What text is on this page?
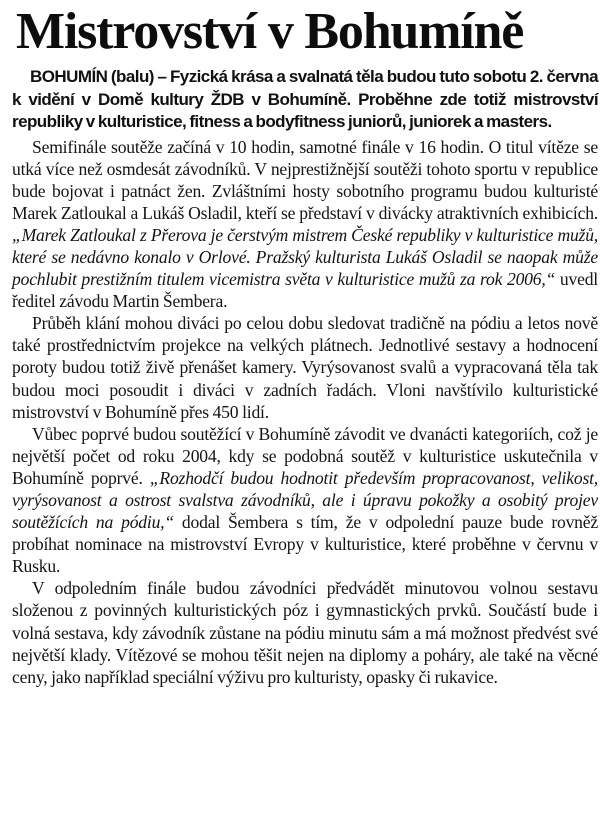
Mistrovství v Bohumíně

BOHUMÍN (balu) – Fyzická krása a svalnatá těla budou tuto sobotu 2. června k vidění v Domě kultury ŽDB v Bohumíně. Proběhne zde totiž mistrovství republiky v kulturistice, fitness a bodyfitness juniorů, juniorek a masters.

Semifinále soutěže začíná v 10 hodin, samotné finále v 16 hodin. O titul vítěze se utká více než osmdesát závodníků. V nejprestižnější soutěži tohoto sportu v republice bude bojovat i patnáct žen. Zvláštními hosty sobotního programu budou kulturisté Marek Zatloukal a Lukáš Osladil, kteří se představí v divácky atraktivních exhibicích. „Marek Zatloukal z Přerova je čerstvým mistrem České republiky v kulturistice mužů, které se nedávno konalo v Orlové. Pražský kulturista Lukáš Osladil se naopak může pochlubit prestižním titulem vicemistra světa v kulturistice mužů za rok 2006,“ uvedl ředitel závodu Martin Šembera.

Průběh klání mohou diváci po celou dobu sledovat tradičně na pódiu a letos nově také prostřednictvím projekce na velkých plátnech. Jednotlivé sestavy a hodnocení poroty budou totiž živě přenášet kamery. Vyrýsovanost svalů a vypracovaná těla tak budou moci posoudit i diváci v zadních řadách. Vloni navštívilo kulturistické mistrovství v Bohumíně přes 450 lidí.

Vůbec poprvé budou soutěžící v Bohumíně závodit ve dvanácti kategoriích, což je největší počet od roku 2004, kdy se podobná soutěž v kulturistice uskutečnila v Bohumíně poprvé. „Rozhodčí budou hodnotit především propracovanost, velikost, vyrýsovanost a ostrost svalstva závodníků, ale i úpravu pokožky a osobitý projev soutěžících na pódiu,“ dodal Šembera s tím, že v odpolední pauze bude rovněž probíhat nominace na mistrovství Evropy v kulturistice, které proběhne v červnu v Rusku.

V odpoledním finále budou závodníci předvádět minutovou volnou sestavu složenou z povinných kulturistických póz i gymnastických prvků. Součástí bude i volná sestava, kdy závodník zůstane na pódiu minutu sám a má možnost předvést své největší klady. Vítězové se mohou těšit nejen na diplomy a poháry, ale také na věcné ceny, jako například speciální výživu pro kulturisty, opasky či rukavice.
